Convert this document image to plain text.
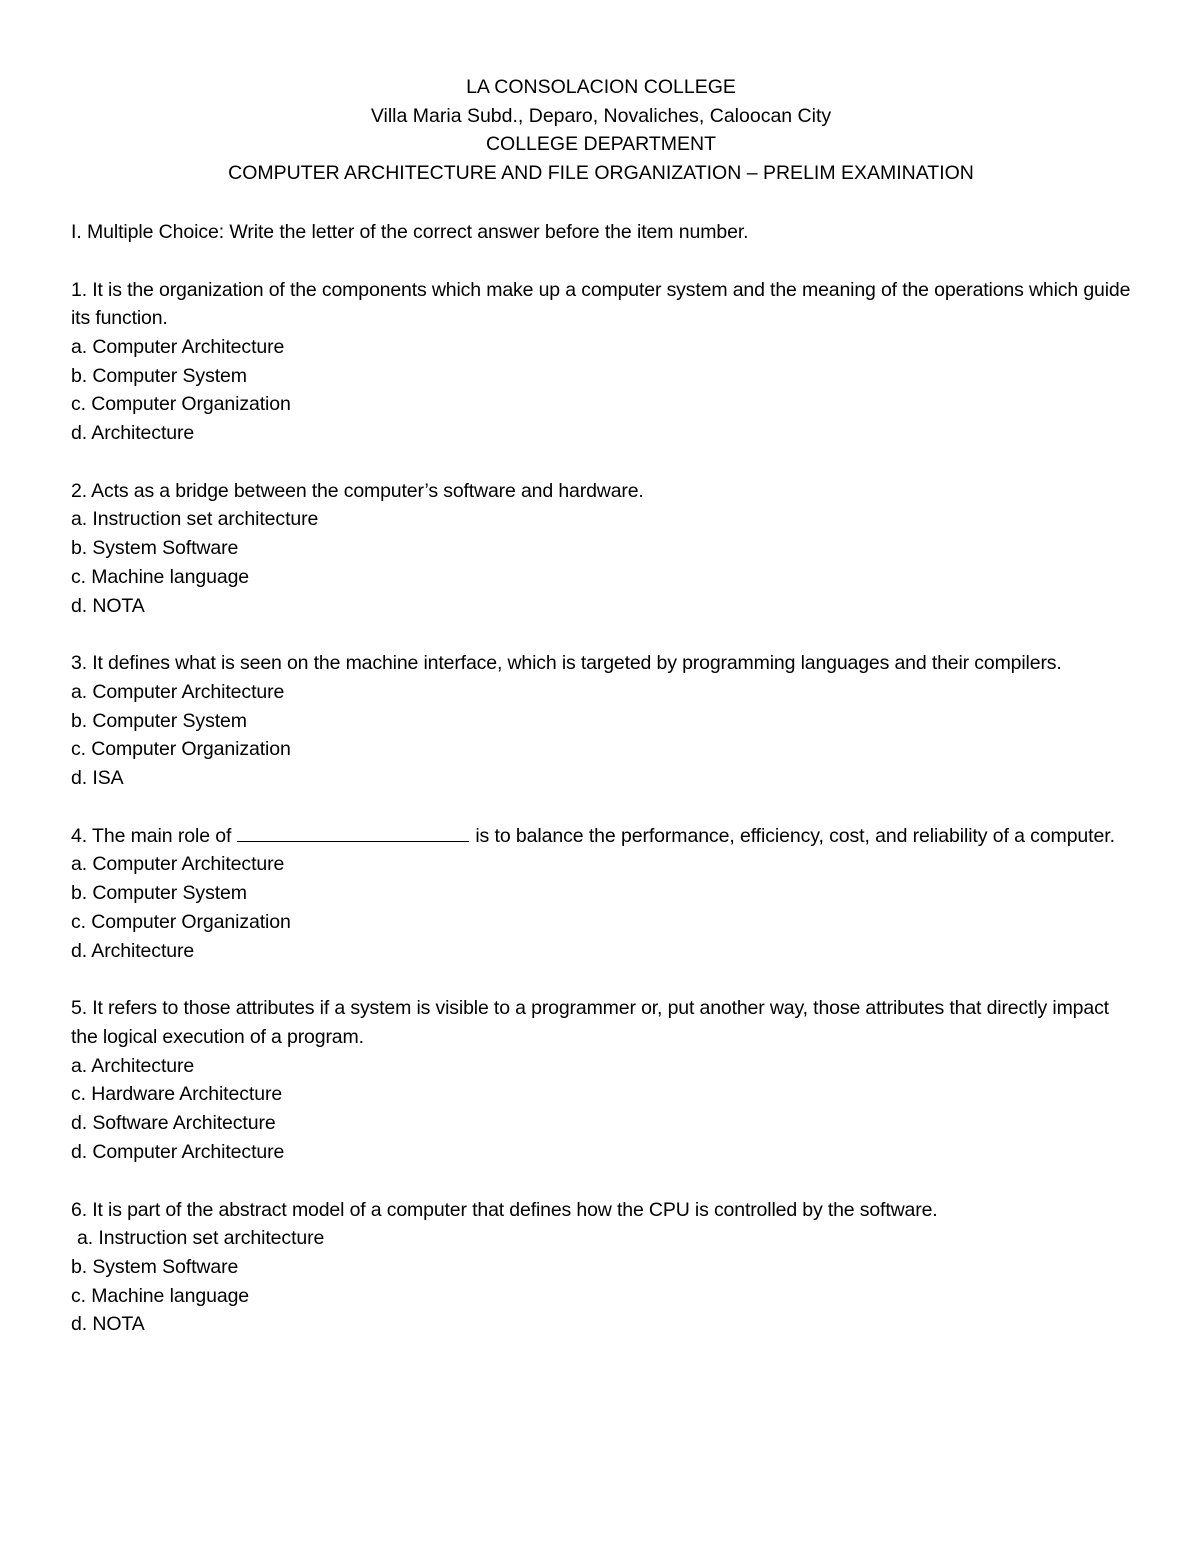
LA CONSOLACION COLLEGE
Villa Maria Subd., Deparo, Novaliches, Caloocan City
COLLEGE DEPARTMENT
COMPUTER ARCHITECTURE AND FILE ORGANIZATION – PRELIM EXAMINATION
I. Multiple Choice: Write the letter of the correct answer before the item number.
1. It is the organization of the components which make up a computer system and the meaning of the operations which guide its function.
a. Computer Architecture
b. Computer System
c. Computer Organization
d. Architecture
2. Acts as a bridge between the computer’s software and hardware.
a. Instruction set architecture
b. System Software
c. Machine language
d. NOTA
3. It defines what is seen on the machine interface, which is targeted by programming languages and their compilers.
a. Computer Architecture
b. Computer System
c. Computer Organization
d. ISA
4. The main role of	is to balance the performance, efficiency, cost, and reliability of a computer.
a. Computer Architecture
b. Computer System
c. Computer Organization
d. Architecture
5. It refers to those attributes if a system is visible to a programmer or, put another way, those attributes that directly impact the logical execution of a program.
a. Architecture
c. Hardware Architecture
d. Software Architecture
d. Computer Architecture
6. It is part of the abstract model of a computer that defines how the CPU is controlled by the software.
a. Instruction set architecture
b. System Software
c. Machine language
d. NOTA
